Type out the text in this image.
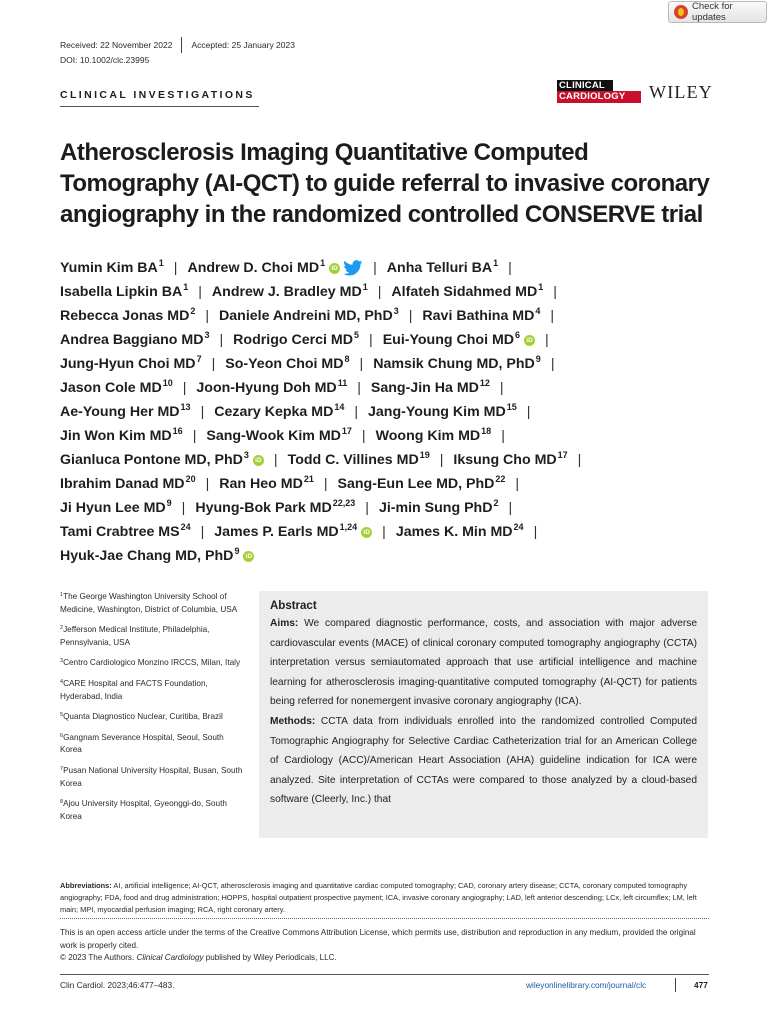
Check for updates
Received: 22 November 2022 Accepted: 25 January 2023
DOI: 10.1002/clc.23995
CLINICAL INVESTIGATIONS
CLINICAL
CARDIOLOGY	WILEY
Atherosclerosis Imaging Quantitative Computed Tomography (AI-QCT) to guide referral to invasive coronary angiography in the randomized controlled CONSERVE trial
Yumin Kim $BA^1$ | Andrew D. Choi $MD^1$ iD | Anha Telluri $BA^1$ |
Isabella Lipkin $BA^1$ | Andrew J. Bradley $MD^1$ | Alfateh Sidahmed $MD^1$ |
Rebecca Jonas $MD^2$ | Daniele Andreini MD, PhD$^3$ | Ravi Bathina $MD^4$ |
Andrea Baggiano $MD^3$ | Rodrigo Cerci $MD^5$ | Eui-Young Choi $MD^6$ iD |
Jung-Hyun Choi $MD^7$ | So-Yeon Choi $MD^8$ | Namsik Chung MD, PhD$^9$ |
Jason Cole MD$^{10}$ | Joon-Hyung Doh MD$^{11}$ | Sang-Jin Ha MD$^{12}$ |
Ae-Young Her MD$^{13}$ | Cezary Kepka MD$^{14}$ | Jang-Young Kim MD$^{15}$ |
Jin Won Kim MD$^{16}$ | Sang-Wook Kim MD$^{17}$ | Woong Kim MD$^{18}$ |
Gianluca Pontone MD, PhD$^3$ iD | Todd C. Villines MD$^{19}$ | Iksung Cho MD$^{17}$ |
Ibrahim Danad MD$^{20}$ | Ran Heo MD$^{21}$ | Sang-Eun Lee MD, PhD$^{22}$ |
Ji Hyun Lee $MD^9$ | Hyung-Bok Park MD$^{22,23}$ | Ji-min Sung PhD$^2$ |
Tami Crabtree MS$^{24}$ | James P. Earls MD$^{1,24}$ iD | James K. Min MD$^{24}$ |
Hyuk-Jae Chang MD, PhD$^9$ iD
$^1$The George Washington University School of Medicine, Washington, District of Columbia, USA
$^2$Jefferson Medical Institute, Philadelphia, Pennsylvania, USA
$^3$Centro Cardiologico Monzino IRCCS, Milan, Italy
$^4$CARE Hospital and FACTS Foundation, Hyderabad, India
$^5$Quanta Diagnostico Nuclear, Curitiba, Brazil
$^6$Gangnam Severance Hospital, Seoul, South Korea
$^7$Pusan National University Hospital, Busan, South Korea
$^8$Ajou University Hospital, Gyeonggi-do, South Korea
Abstract

Aims: We compared diagnostic performance, costs, and association with major adverse cardiovascular events (MACE) of clinical coronary computed tomography angiography (CCTA) interpretation versus semiautomated approach that use artificial intelligence and machine learning for atherosclerosis imaging-quantitative computed tomography (AI-QCT) for patients being referred for nonemergent invasive coronary angiography (ICA).

Methods: CCTA data from individuals enrolled into the randomized controlled Computed Tomographic Angiography for Selective Cardiac Catheterization trial for an American College of Cardiology (ACC)/American Heart Association (AHA) guideline indication for ICA were analyzed. Site interpretation of CCTAs were compared to those analyzed by a cloud-based software (Cleerly, Inc.) that

Abbreviations: AI, artificial intelligence; AI-QCT, atherosclerosis imaging and quantitative cardiac computed tomography; CAD, coronary artery disease; CCTA, coronary computed tomography angiography; FDA, food and drug administration; HOPPS, hospital outpatient prospective payment; ICA, invasive coronary angiography; LAD, left anterior descending; LCx, left circumflex; LM, left main; MPI, myocardial perfusion imaging; RCA, right coronary artery.

This is an open access article under the terms of the Creative Commons Attribution License, which permits use, distribution and reproduction in any medium, provided the original work is properly cited.
© 2023 The Authors. Clinical Cardiology published by Wiley Periodicals, LLC.
Clin Cardiol. 2023;46:477–483.	wileyonlinelibrary.com/journal/clc	477
